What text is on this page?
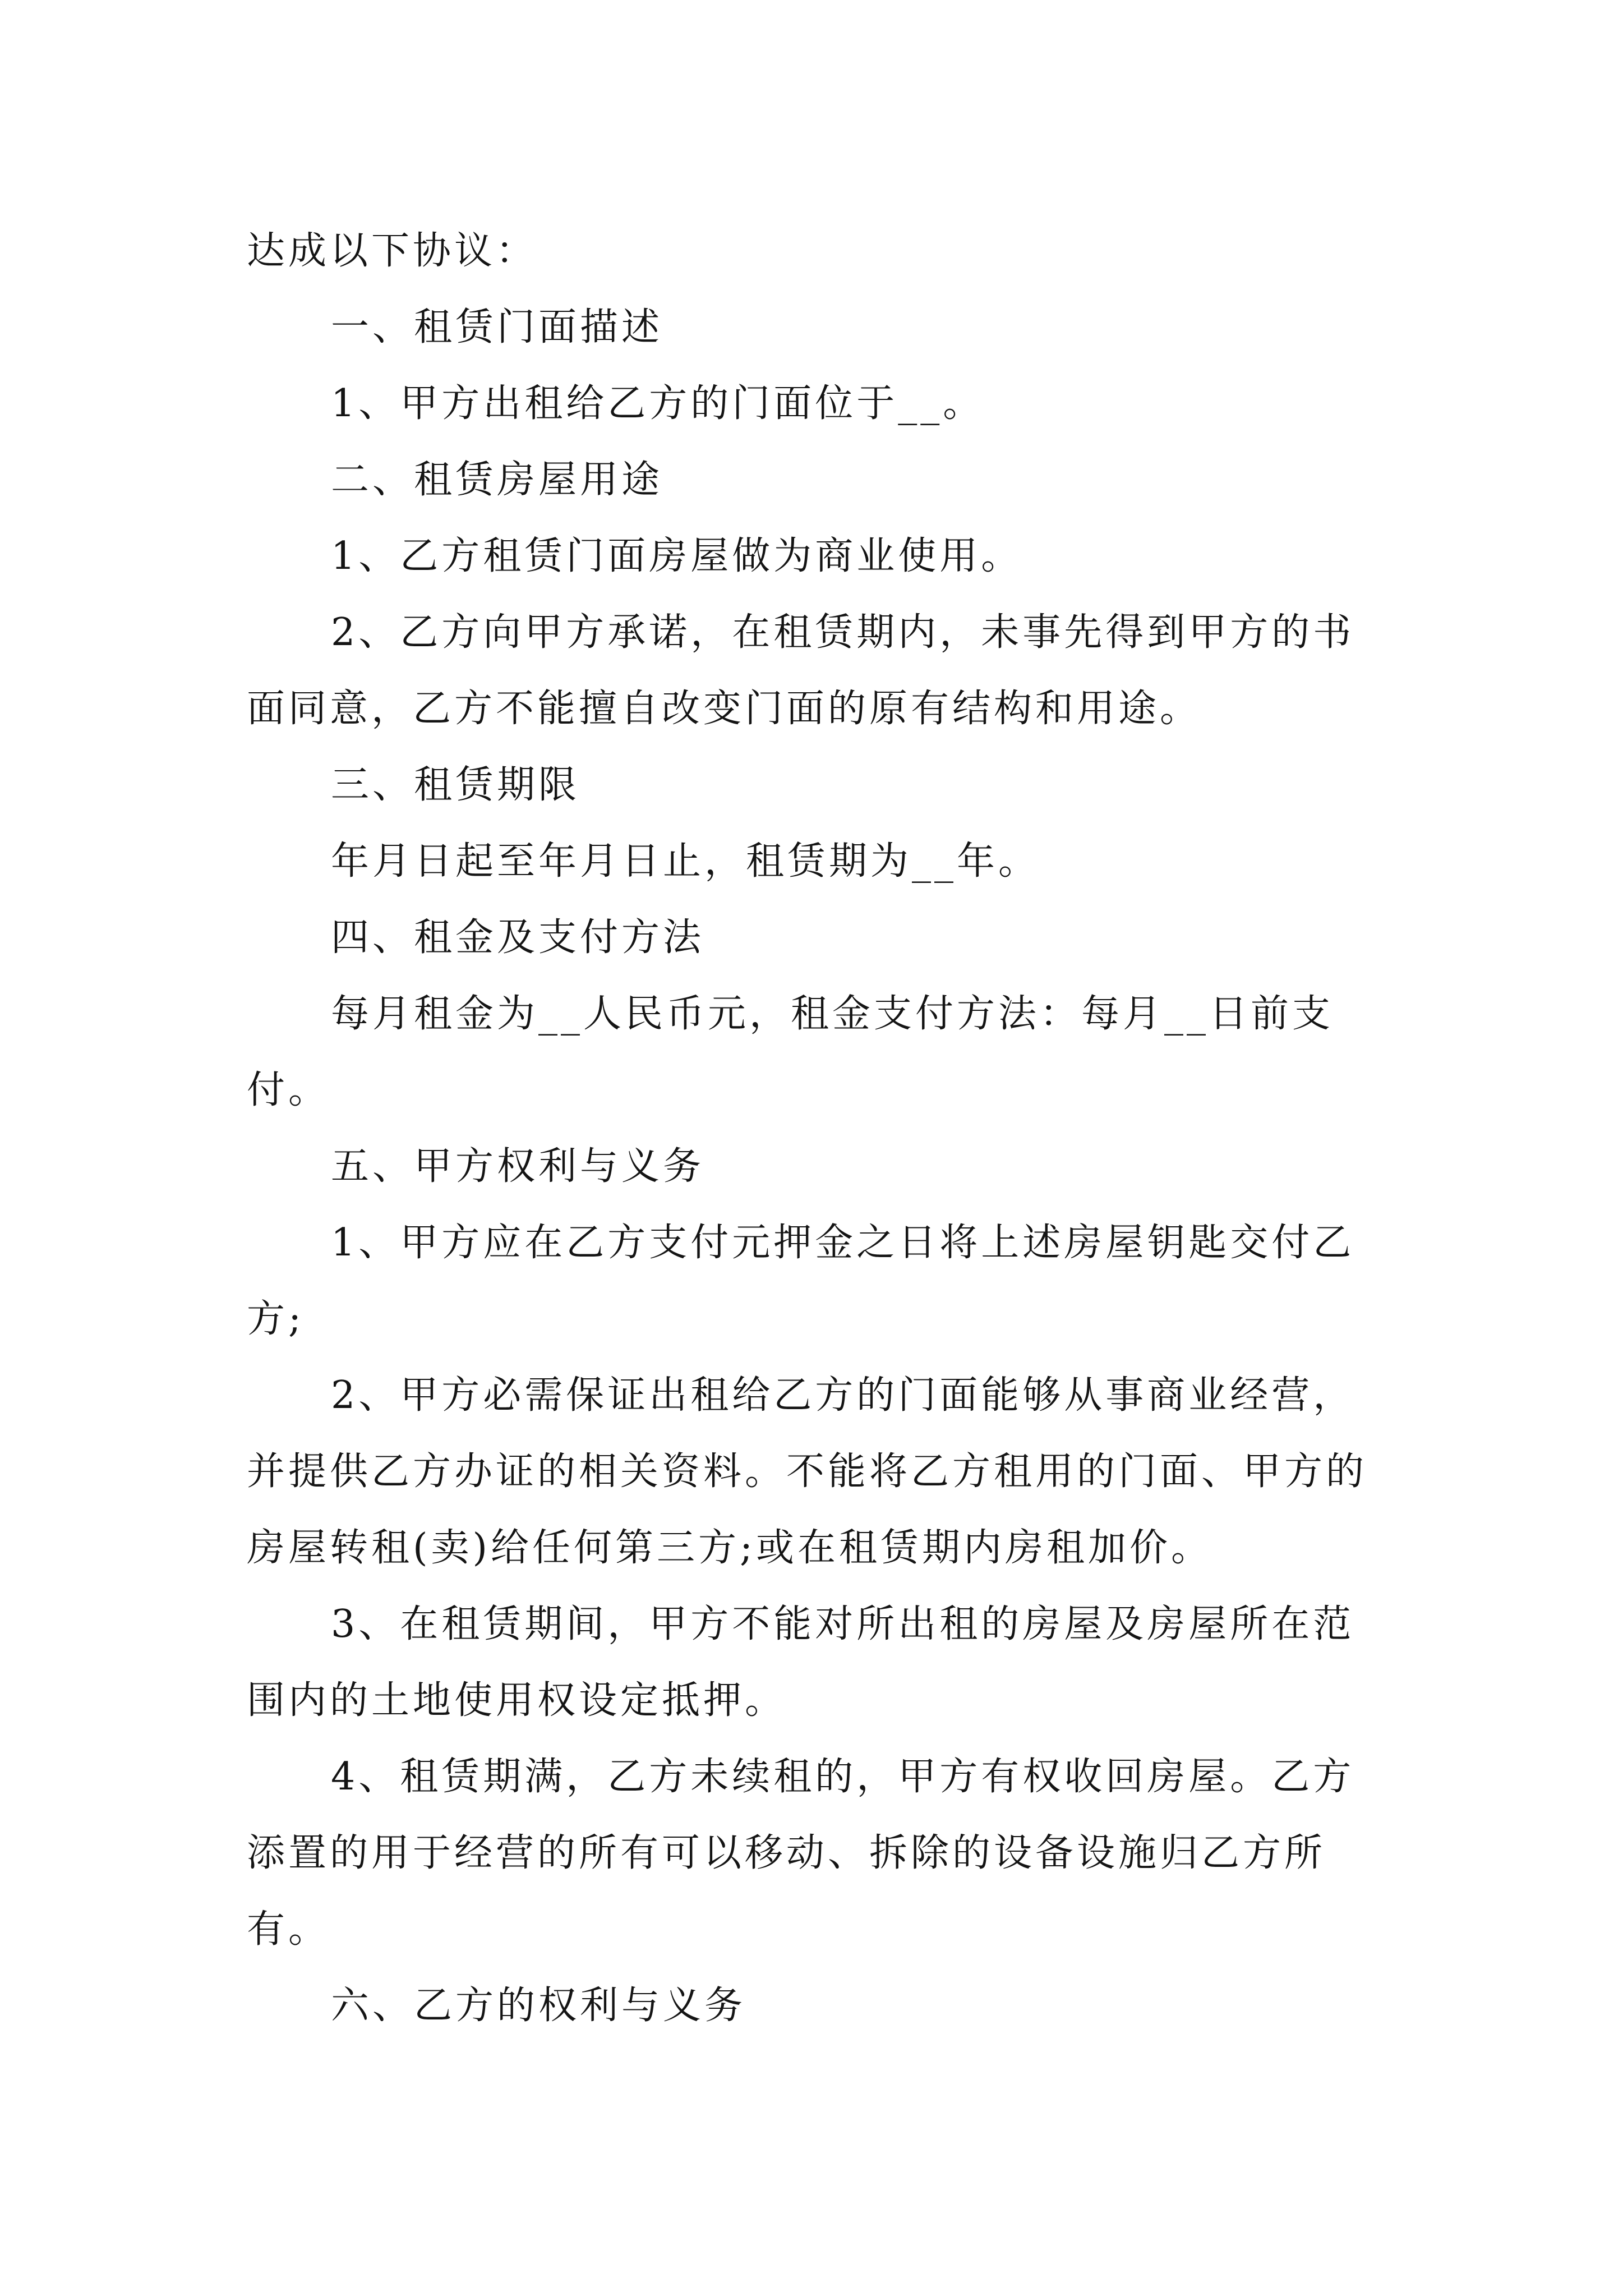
达成以下协议：

一、租赁门面描述

1、甲方出租给乙方的门面位于__。

二、租赁房屋用途

1、乙方租赁门面房屋做为商业使用。

2、乙方向甲方承诺，在租赁期内，未事先得到甲方的书面同意，乙方不能擅自改变门面的原有结构和用途。

三、租赁期限

年月日起至年月日止，租赁期为__年。

四、租金及支付方法

每月租金为__人民币元，租金支付方法：每月__日前支付。

五、甲方权利与义务

1、甲方应在乙方支付元押金之日将上述房屋钥匙交付乙方;

2、甲方必需保证出租给乙方的门面能够从事商业经营，并提供乙方办证的相关资料。不能将乙方租用的门面、甲方的房屋转租(卖)给任何第三方;或在租赁期内房租加价。

3、在租赁期间，甲方不能对所出租的房屋及房屋所在范围内的土地使用权设定抵押。

4、租赁期满，乙方未续租的，甲方有权收回房屋。乙方添置的用于经营的所有可以移动、拆除的设备设施归乙方所有。

六、乙方的权利与义务
